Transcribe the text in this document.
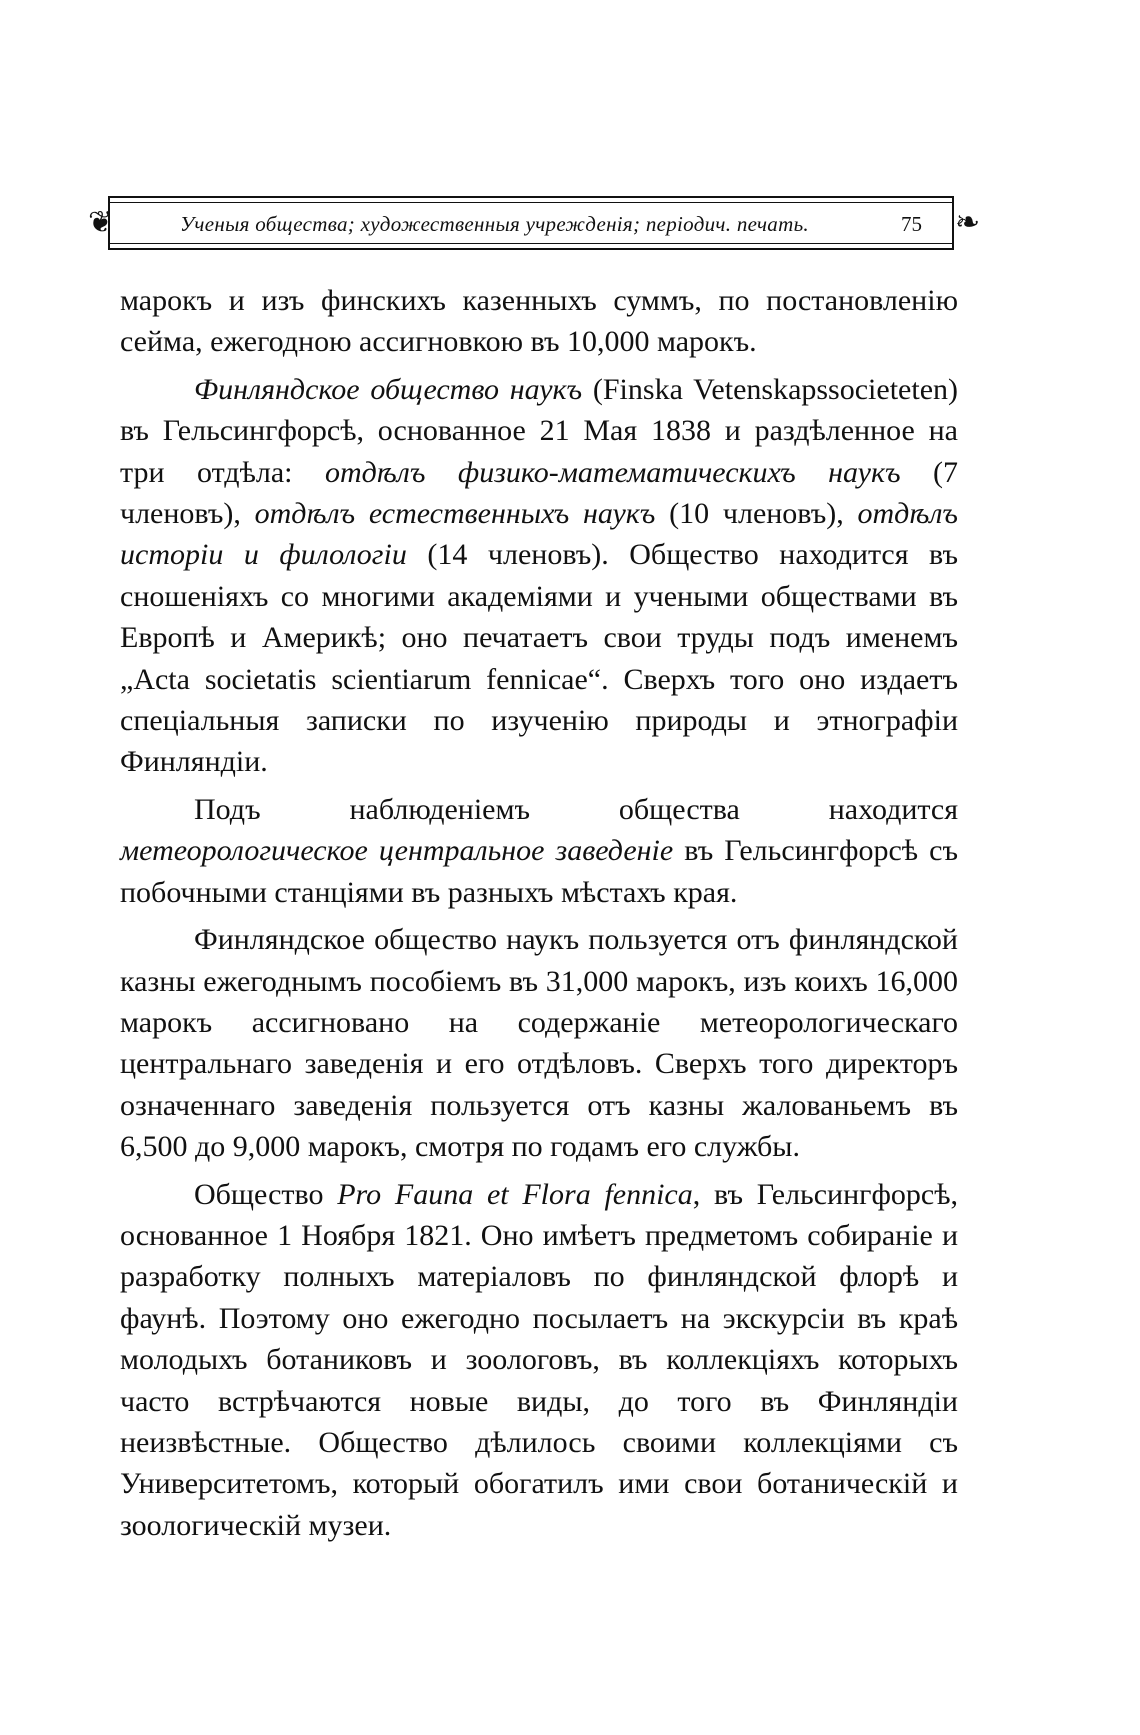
❦	Ученыя общества; художественныя учрежденія; періодич. печать.	75 ❧

марокъ и изъ финскихъ казенныхъ суммъ, по постановленію сейма, ежегодною ассигновкою въ 10,000 марокъ.

Финляндское общество наукъ (Finska Vetenskapssocieteten) въ Гельсингфорсѣ, основанное 21 Мая 1838 и раздѣленное на три отдѣла: отдѣлъ физико-математическихъ наукъ (7 членовъ), отдѣлъ естественныхъ наукъ (10 членовъ), отдѣлъ исторіи и филологіи (14 членовъ). Общество находится въ сношеніяхъ со многими академіями и учеными обществами въ Европѣ и Америкѣ; оно печатаетъ свои труды подъ именемъ „Acta societatis scientiarum fennicae“. Сверхъ того оно издаетъ спеціальныя записки по изученію природы и этнографіи Финляндіи.

Подъ наблюденіемъ общества находится метеорологическое центральное заведеніе въ Гельсингфорсѣ съ побочными станціями въ разныхъ мѣстахъ края.

Финляндское общество наукъ пользуется отъ финляндской казны ежегоднымъ пособіемъ въ 31,000 марокъ, изъ коихъ 16,000 марокъ ассигновано на содержаніе метеорологическаго центральнаго заведенія и его отдѣловъ. Сверхъ того директоръ означеннаго заведенія пользуется отъ казны жалованьемъ въ 6,500 до 9,000 марокъ, смотря по годамъ его службы.

Общество Pro Fauna et Flora fennica, въ Гельсингфорсѣ, основанное 1 Ноября 1821. Оно имѣетъ предметомъ собираніе и разработку полныхъ матеріаловъ по финляндской флорѣ и фаунѣ. Поэтому оно ежегодно посылаетъ на экскурсіи въ краѣ молодыхъ ботаниковъ и зоологовъ, въ коллекціяхъ которыхъ часто встрѣчаются новые виды, до того въ Финляндіи неизвѣстные. Общество дѣлилось своими коллекціями съ Университетомъ, который обогатилъ ими свои ботаническій и зоологическій музеи.
